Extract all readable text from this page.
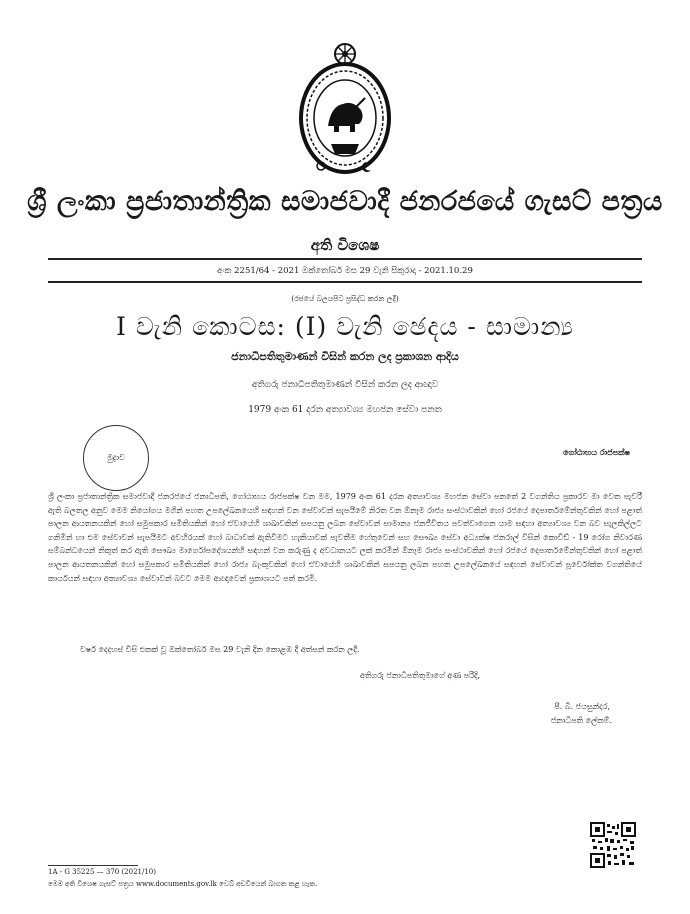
ශ්‍රී ලංකා ප්‍රජාතාන්ත්‍රික සමාජවාදී ජනරජයේ ගැසට් පත්‍රය
අති විශෙෂ
අංක 2251/64 - 2021 ඔක්තෝබර් මස 29 වැනි සිකුරාදා - 2021.10.29
(රජයේ බලයපිට ප්‍රසිද්ධ කරන ලදී)
I වැනි කොටස: (I) වැනි ඡෙදය - සාමාන්‍ය
ජනාධිපතිතුමාණන් විසින් කරන ලද ප්‍රකාශන ආදිය
අතිගරු ජනාධිපතිතුමාණන් විසින් කරන ලද ආඥාව
1979 අංක 61 දරන අත්‍යාවශ්‍ය මහජන සේවා පනත
මුද්‍රාව
ගෝඨාභය රාජපක්ෂ
ශ්‍රී ලංකා ප්‍රජාතාන්ත්‍රික සමාජවාදී ජනරජයේ ජනාධිපති, ගෝඨාභය රාජපක්ෂ වන මම, 1979 අංක 61 දරන අත්‍යාවශ්‍ය මහජන සේවා පනතේ 2 වගන්තිය ප්‍රකාරව මා වෙත පැවරී ඇති බලතල අනුව මෙම නියෝගය මගින් පහත උපලේඛනයෙහි සඳහන් වන සේවාවන් සැපයීමේ නිරත වන ඕනෑම රාජ්‍ය සංස්ථාවකින් හෝ රජයේ දෙපාර්තමේන්තුවකින් හෝ පළාත් පාලන ආයතනයකින් හෝ සමුපකාර සමිතියකින් හෝ ඒවායේහි ශාඛාවකින් සපයනු ලබන සේවාවන් සාමාන්‍ය ජනජීවිතය පවත්වාගෙන යාම සඳහා අත්‍යාවශ්‍ය වන බව සැලකිල්ලට ගනිමින් හා එම සේවාවන් සැපයීමට අවහිරයක් හෝ බාධාවක් ඇතිවීමට හැකියාවක් පැවතීම හේතුවෙන් සහ සෞඛ්‍ය සේවා අධ්‍යක්ෂ ජනරාල් විසින් කොවිඩ් - 19 රෝග නිවාරණ සම්බන්ධයෙන් නිකුත් කර ඇති සෞඛ්‍ය මාර්ගෝපදේශයන්හි සඳහන් වන කරුණු ද අවධානයට ලක් කරමින් ඕනෑම රාජ්‍ය සංස්ථාවකින් හෝ රජයේ දෙපාර්තමේන්තුවකින් හෝ පළාත් පාලන ආයතනයකින් හෝ සමුපකාර සමිතියකින් හෝ රාජ්‍ය බැංකුවකින් හෝ ඒවායේහි ශාඛාවකින් සපයනු ලබන පහත උපලේඛනයේ සඳහන් සේවාවන් පූර්වෝක්ත වගන්තියේ කාර්යයන් සඳහා අත්‍යාවශ්‍ය සේවාවන් බවට මෙම ආඥාවෙන් ප්‍රකාශයට පත් කරමි.
වර්ෂ දෙදහස් විසි එකක් වූ ඔක්තෝබර් මස 29 වැනි දින කොළඹ දී අත්සන් කරන ලදී.
අතිගරු ජනාධිපතිතුමාගේ අණ පරිදි,
පී. බී. ජයසුන්දර,
ජනාධිපති ලේකම්.
1A - G 35225 — 370 (2021/10)
මෙම අති විශෙෂ ගැසට් පත්‍රය www.documents.gov.lk වෙබ් අඩවියෙන් බාගත කළ හැක.
